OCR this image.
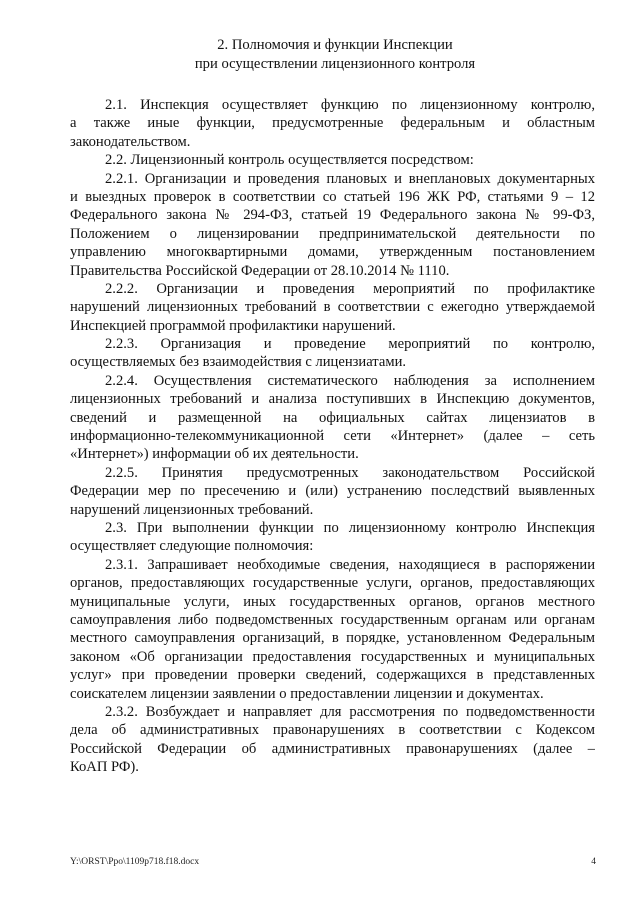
2. Полномочия и функции Инспекции
при осуществлении лицензионного контроля
2.1. Инспекция осуществляет функцию по лицензионному контролю,
а также иные функции, предусмотренные федеральным и областным
законодательством.
2.2. Лицензионный контроль осуществляется посредством:
2.2.1. Организации и проведения плановых и внеплановых документарных
и выездных проверок в соответствии со статьей 196 ЖК РФ, статьями 9 – 12
Федерального закона № 294-ФЗ, статьей 19 Федерального закона № 99-ФЗ,
Положением о лицензировании предпринимательской деятельности по
управлению многоквартирными домами, утвержденным постановлением
Правительства Российской Федерации от 28.10.2014 № 1110.
2.2.2. Организации и проведения мероприятий по профилактике
нарушений лицензионных требований в соответствии с ежегодно утверждаемой
Инспекцией программой профилактики нарушений.
2.2.3. Организация и проведение мероприятий по контролю,
осуществляемых без взаимодействия с лицензиатами.
2.2.4. Осуществления систематического наблюдения за исполнением
лицензионных требований и анализа поступивших в Инспекцию документов,
сведений и размещенной на официальных сайтах лицензиатов в
информационно-телекоммуникационной сети «Интернет» (далее – сеть
«Интернет») информации об их деятельности.
2.2.5. Принятия предусмотренных законодательством Российской
Федерации мер по пресечению и (или) устранению последствий выявленных
нарушений лицензионных требований.
2.3. При выполнении функции по лицензионному контролю Инспекция
осуществляет следующие полномочия:
2.3.1. Запрашивает необходимые сведения, находящиеся в распоряжении
органов, предоставляющих государственные услуги, органов, предоставляющих
муниципальные услуги, иных государственных органов, органов местного
самоуправления либо подведомственных государственным органам или органам
местного самоуправления организаций, в порядке, установленном Федеральным
законом «Об организации предоставления государственных и муниципальных
услуг» при проведении проверки сведений, содержащихся в представленных
соискателем лицензии заявлении о предоставлении лицензии и документах.
2.3.2. Возбуждает и направляет для рассмотрения по подведомственности
дела об административных правонарушениях в соответствии с Кодексом
Российской Федерации об административных правонарушениях (далее –
КоАП РФ).
Y:\ORST\Ppo\1109p718.f18.docx	4
